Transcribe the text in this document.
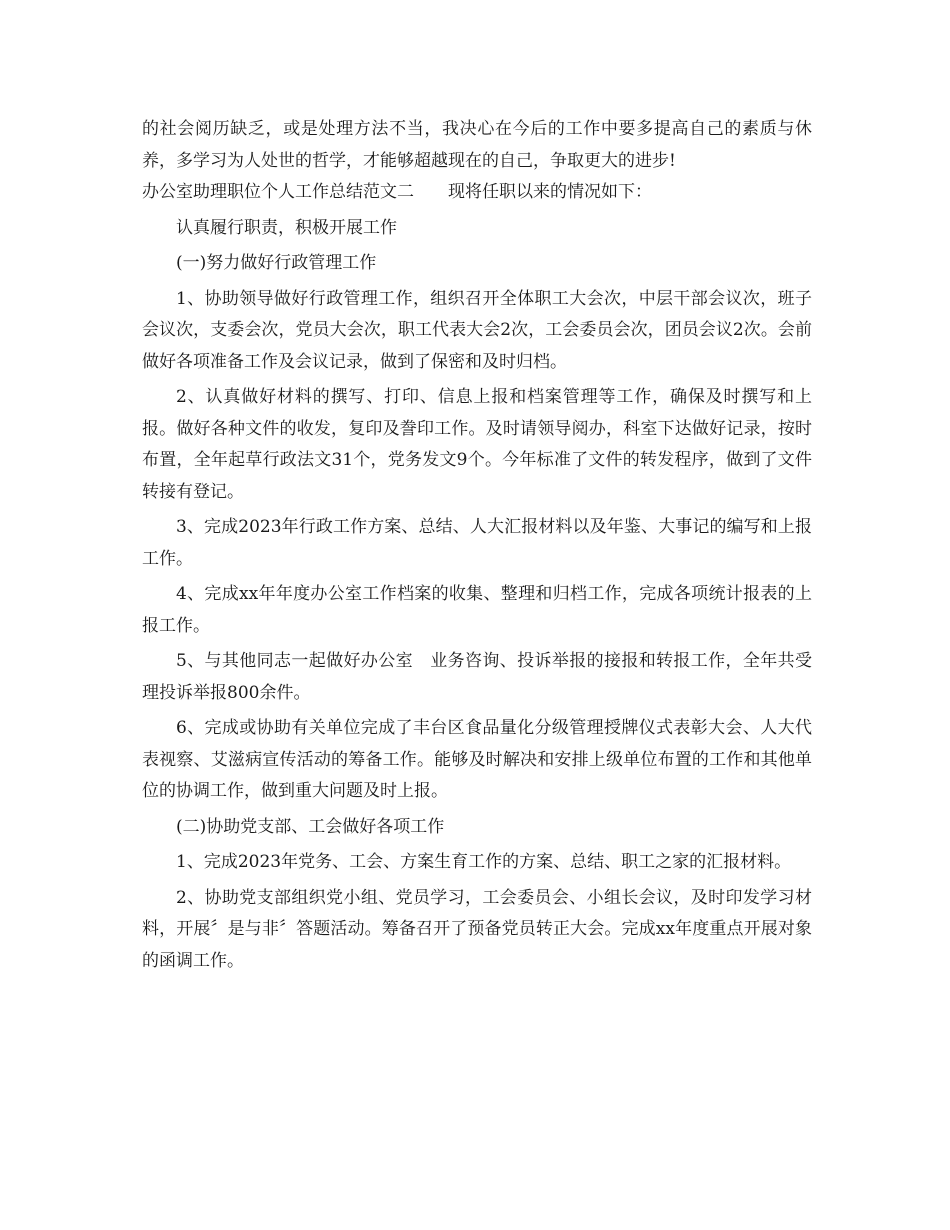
的社会阅历缺乏，或是处理方法不当，我决心在今后的工作中要多提高自己的素质与休养，多学习为人处世的哲学，才能够超越现在的自己，争取更大的进步!

办公室助理职位个人工作总结范文二　　现将任职以来的情况如下：

认真履行职责，积极开展工作

(一)努力做好行政管理工作

1、协助领导做好行政管理工作，组织召开全体职工大会次，中层干部会议次，班子会议次，支委会次，党员大会次，职工代表大会2次，工会委员会次，团员会议2次。会前做好各项准备工作及会议记录，做到了保密和及时归档。

2、认真做好材料的撰写、打印、信息上报和档案管理等工作，确保及时撰写和上报。做好各种文件的收发，复印及誊印工作。及时请领导阅办，科室下达做好记录，按时布置，全年起草行政法文31个，党务发文9个。今年标准了文件的转发程序，做到了文件转接有登记。

3、完成2023年行政工作方案、总结、人大汇报材料以及年鉴、大事记的编写和上报工作。

4、完成xx年年度办公室工作档案的收集、整理和归档工作，完成各项统计报表的上报工作。

5、与其他同志一起做好办公室　业务咨询、投诉举报的接报和转报工作，全年共受理投诉举报800余件。

6、完成或协助有关单位完成了丰台区食品量化分级管理授牌仪式表彰大会、人大代表视察、艾滋病宣传活动的筹备工作。能够及时解决和安排上级单位布置的工作和其他单位的协调工作，做到重大问题及时上报。

(二)协助党支部、工会做好各项工作

1、完成2023年党务、工会、方案生育工作的方案、总结、职工之家的汇报材料。

2、协助党支部组织党小组、党员学习，工会委员会、小组长会议，及时印发学习材料，开展〞是与非〞答题活动。筹备召开了预备党员转正大会。完成xx年度重点开展对象的函调工作。
